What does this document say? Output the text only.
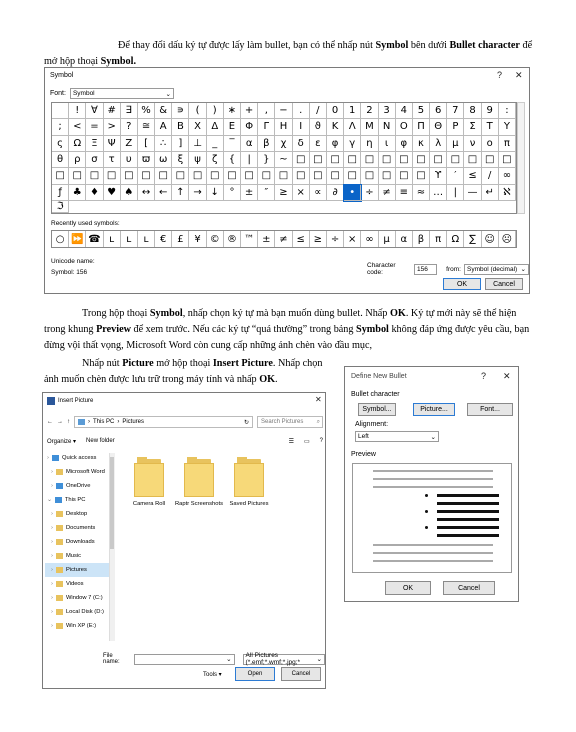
Để thay đổi dấu ký tự được lấy làm bullet, bạn có thể nhấp nút Symbol bên dưới Bullet character để mở hộp thoại Symbol.
Symbol	? ✕
Font: Symbol	⌄
!	∀ # ∃ % & ∍	(	)	∗ +	,	−	.	/	0	1	2	3	4	5	6	7	8	9	:
;	< = >	?	≅ Α	Β	Χ	Δ	Ε	Φ	Γ	Η	Ι	ϑ	Κ	Λ Μ Ν Ο Π Θ	Ρ	Σ	Τ	Υ
ς	Ω	Ξ	Ψ Ζ	[	∴	]	⊥	_	‾	α	β	χ	δ	ε	φ	γ	η	ι	φ	κ	λ	μ	ν	ο	π
θ	ρ	σ	τ	υ	ϖ ω	ξ	ψ	ζ	{	|	} ~ □ □ □ □ □ □ □ □ □ □ □ □ □
□ □ □ □ □ □ □ □ □ □ □ □ □ □ □ □ □ □ □ □ □ □ ϒ	′	≤	/	∞
ƒ	♣ ♦ ♥ ♠ ↔ ← ↑ → ↓	°	±	″	≥ × ∝	∂	•	÷ ≠ ≡ ≈ …	|	— ↵ ℵ
ℑ
Recently used symbols:
○ ⏩ ☎ ʟ	ʟ	ʟ	€	£	¥ © ® ™ ± ≠ ≤ ≥ ÷ × ∞ µ	α	β	π	Ω ∑ ☺ ☹
Unicode name:
Symbol: 156
Character code:	156	from: Symbol (decimal) ⌄
OK	Cancel
Trong hộp thoại Symbol, nhấp chọn ký tự mà bạn muốn dùng bullet. Nhấp OK. Ký tự mới này sẽ thể hiện trong khung Preview để xem trước. Nếu các ký tự “quá thường” trong bảng Symbol không đáp ứng được yêu cầu, bạn đừng vội thất vọng, Microsoft Word còn cung cấp những ảnh chèn vào đầu mục,
Nhấp nút Picture mở hộp thoại Insert Picture. Nhấp chọn ảnh muốn chèn được lưu trữ trong máy tính và nhấp OK.
Insert Picture	✕
← → ↑	› This PC › Pictures	↻	Search Pictures ⌕
Organize ▾ New folder	☰ ▭ ?
› Quick access
› Microsoft Word
› OneDrive
⌄ This PC
› Desktop
› Documents
› Downloads
› Music
› Pictures
› Videos
› Window 7 (C:)
› Local Disk (D:)
› Win XP (E:)
Camera Roll	Raptr Screenshots	Saved Pictures
File name:	⌄
All Pictures (*.emf;*.wmf;*.jpg;*	⌄
Tools ▾	Open	Cancel
Define New Bullet	? ✕
Bullet character
Symbol...	Picture...	Font...
Alignment:
Left	⌄
Preview
OK	Cancel
